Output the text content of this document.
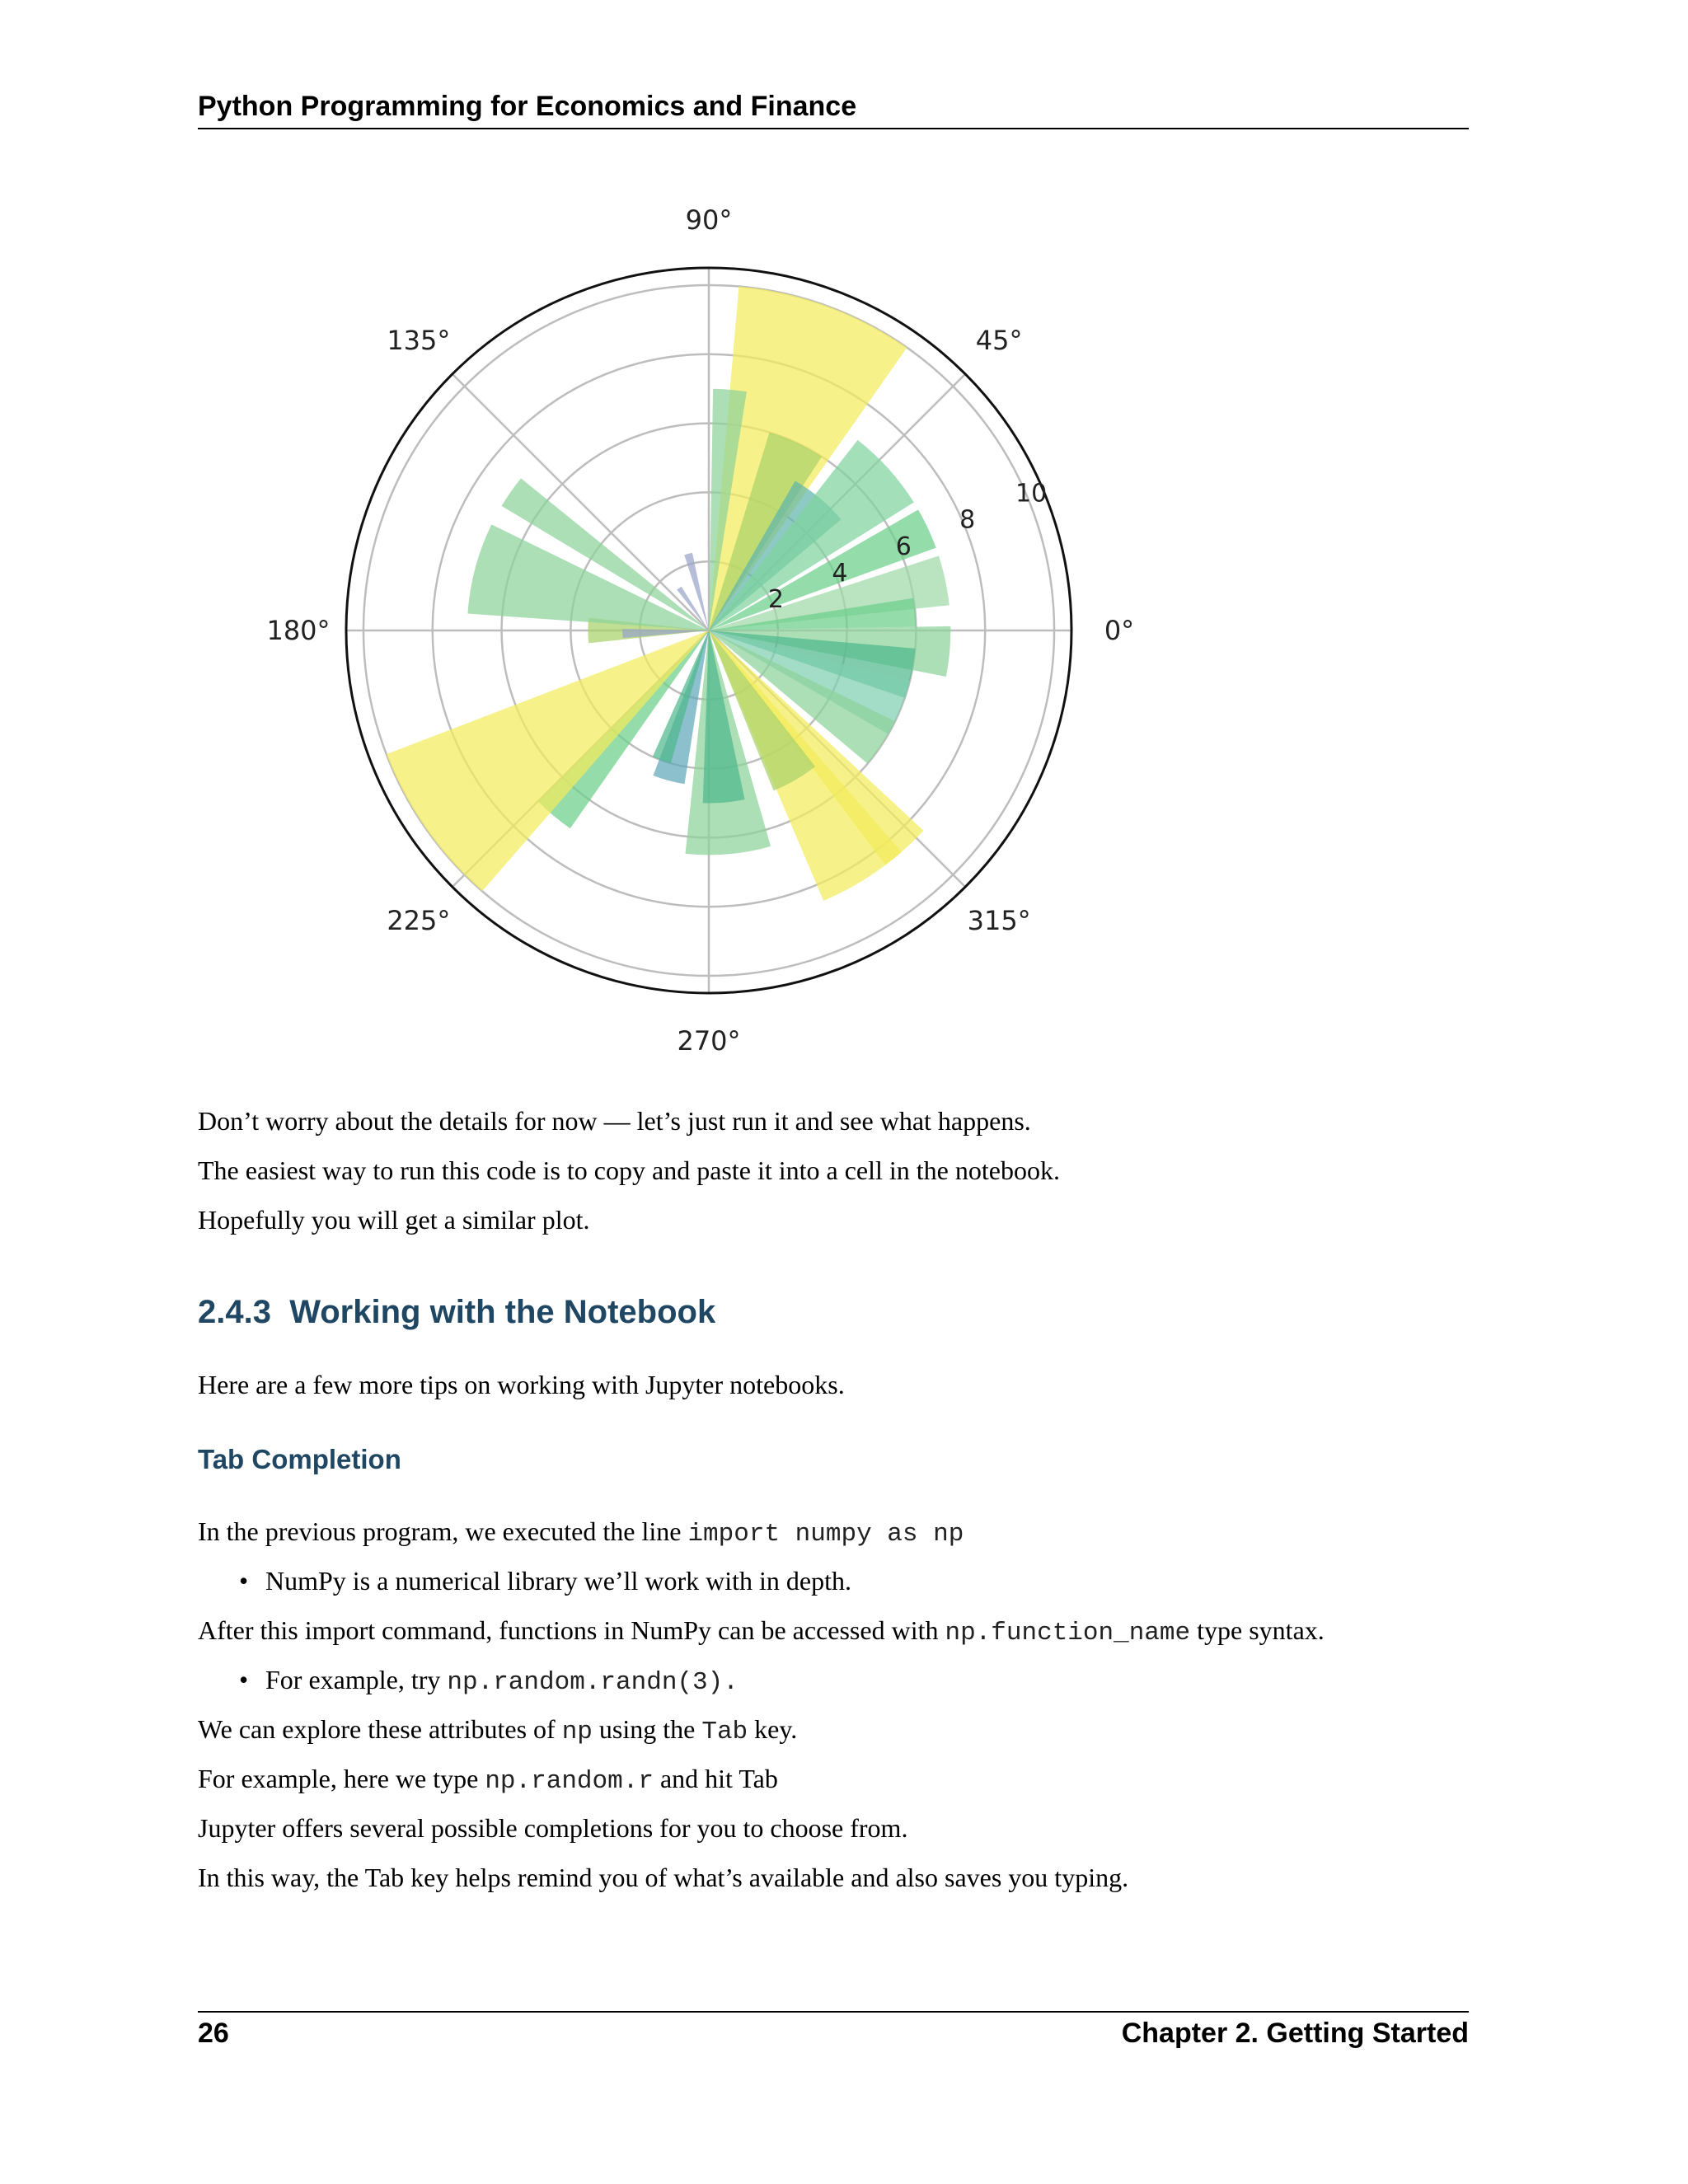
Python Programming for Economics and Finance
2
4
6
8
10
0°
45°
90°
135°
180°
225°
270°
315°
Don’t worry about the details for now — let’s just run it and see what happens.
The easiest way to run this code is to copy and paste it into a cell in the notebook.
Hopefully you will get a similar plot.
2.4.3 Working with the Notebook
Here are a few more tips on working with Jupyter notebooks.
Tab Completion
In the previous program, we executed the line import numpy as np
• NumPy is a numerical library we’ll work with in depth.
After this import command, functions in NumPy can be accessed with np.function_name type syntax.
• For example, try np.random.randn(3).
We can explore these attributes of np using the Tab key.
For example, here we type np.random.r and hit Tab
Jupyter offers several possible completions for you to choose from.
In this way, the Tab key helps remind you of what’s available and also saves you typing.
26	Chapter 2. Getting Started
